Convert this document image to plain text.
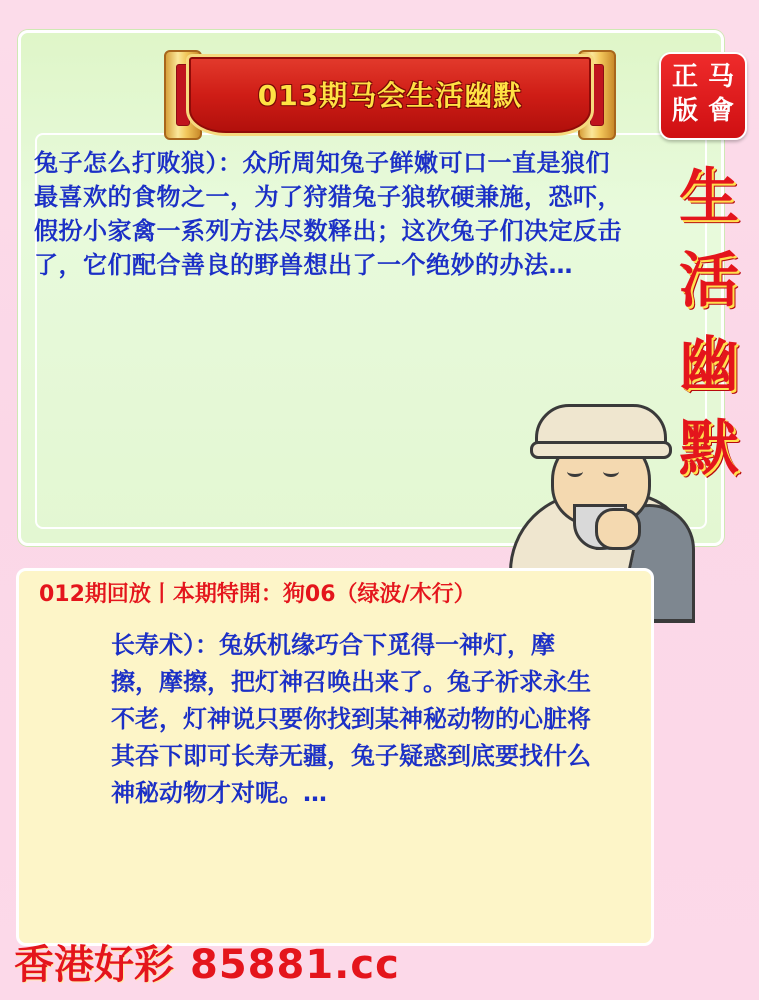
013期马会生活幽默
兔子怎么打败狼）：众所周知兔子鲜嫩可口一直是狼们最喜欢的食物之一，为了狩猎兔子狼软硬兼施，恐吓，假扮小家禽一系列方法尽数释出；这次兔子们决定反击了，它们配合善良的野兽想出了一个绝妙的办法…
马會
正版
生活幽默
012期回放丨本期特開：狗06（绿波/木行）
长寿术）：兔妖机缘巧合下觅得一神灯，摩擦，摩擦，把灯神召唤出来了。兔子祈求永生不老，灯神说只要你找到某神秘动物的心脏将其吞下即可长寿无疆，兔子疑惑到底要找什么神秘动物才对呢。…
香港好彩 85881.cc
